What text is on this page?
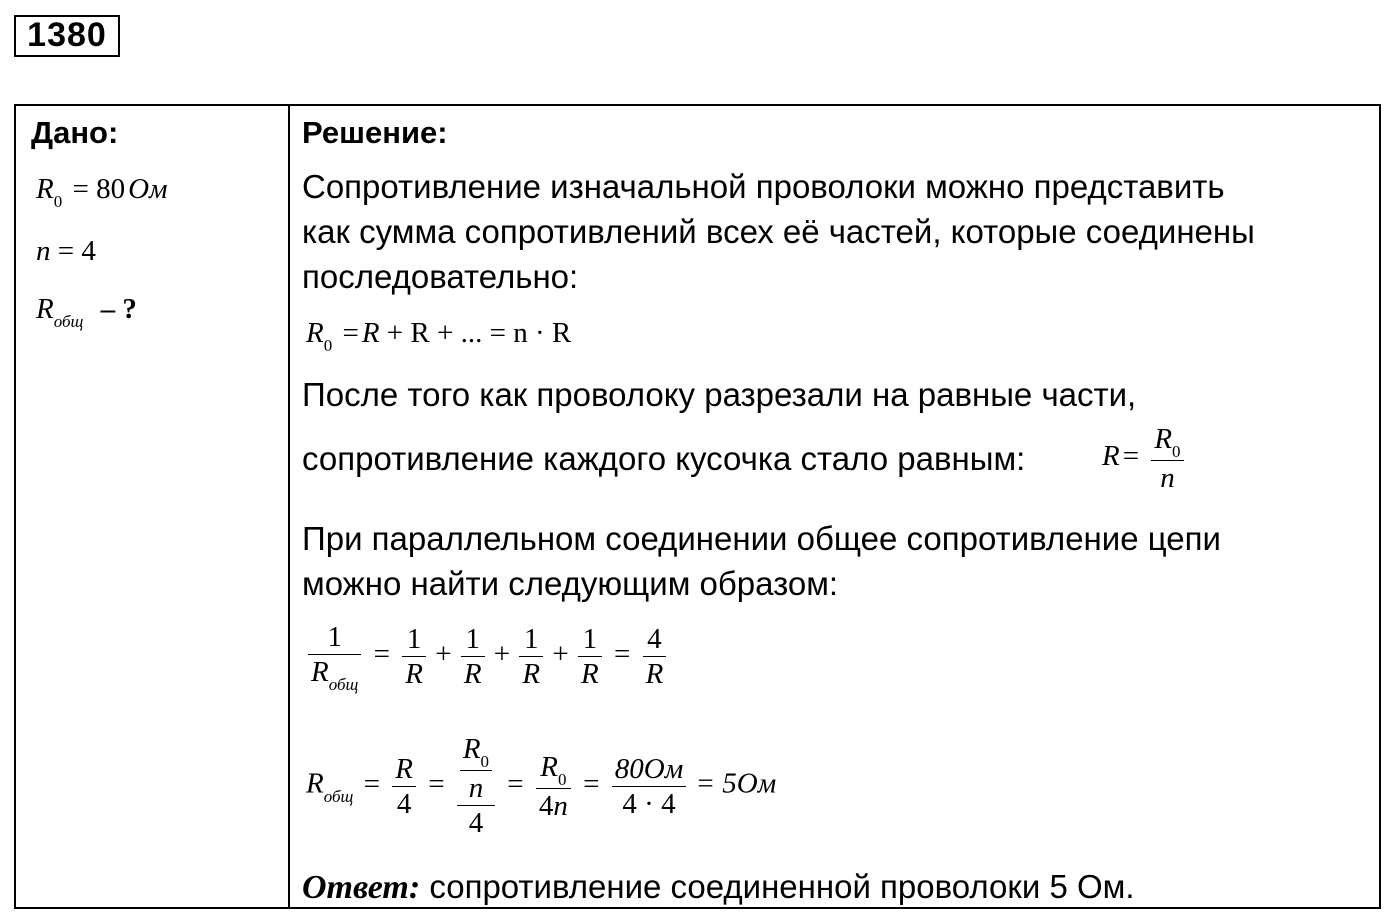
1380
Дано:
$R_0 = 80$ Ом
n = 4
$R_{общ}$ – ?
Решение:
Сопротивление изначальной проволоки можно представить
как сумма сопротивлений всех её частей, которые соединены
последовательно:
$R_0 = R + R$ + ... = n · R
После того как проволоку разрезали на равные части,
сопротивление каждого кусочка стало равным:	$R = \frac{R_0}{n}$
При параллельном соединении общее сопротивление цепи
можно найти следующим образом:
$\frac{1}{R_{общ}} = \frac{1}{R} + \frac{1}{R} + \frac{1}{R} + \frac{1}{R} = \frac{4}{R}$
$R_{общ} = \frac{R}{4} = \frac{\frac{R_0}{n}}{4} = \frac{R_0}{4n} = \frac{80Ом}{4 \cdot 4} = 5Ом$
Ответ: сопротивление соединенной проволоки 5 Ом.
